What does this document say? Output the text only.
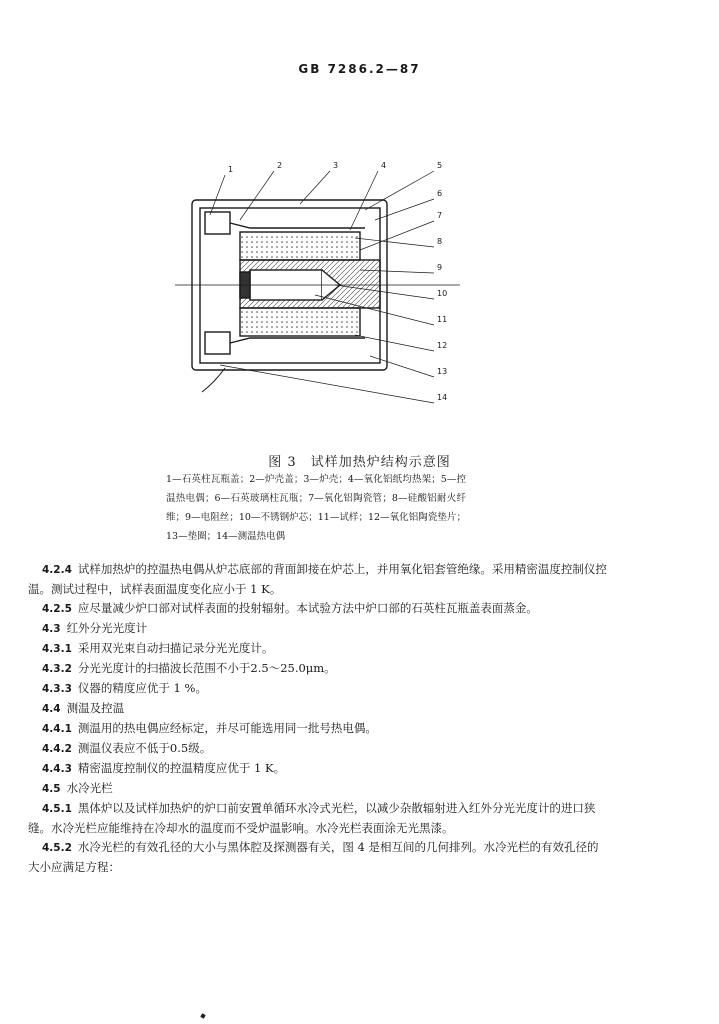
GB 7286.2—87
1	2	3	4	5
6
7
8
9
10
11
12
13
14
图 3　试样加热炉结构示意图
1—石英柱瓦瓶盖；2—炉壳盖；3—炉壳；4—氧化铝纸均热架；5—控温热电偶；6—石英玻璃柱瓦瓶；7—氧化铝陶瓷管；8—硅酸铝耐火纤维；9—电阻丝；10—不锈钢炉芯；11—试样；12—氧化铝陶瓷垫片；13—垫圈；14—测温热电偶
4.2.4 试样加热炉的控温热电偶从炉芯底部的背面卸接在炉芯上，并用氧化铝套管绝缘。采用精密温度控制仪控温。测试过程中，试样表面温度变化应小于 1 K。
4.2.5 应尽量减少炉口部对试样表面的投射辐射。本试验方法中炉口部的石英柱瓦瓶盖表面蒸金。
4.3 红外分光光度计
4.3.1 采用双光束自动扫描记录分光光度计。
4.3.2 分光光度计的扫描波长范围不小于2.5～25.0μm。
4.3.3 仪器的精度应优于 1 %。
4.4 测温及控温
4.4.1 测温用的热电偶应经标定，并尽可能选用同一批号热电偶。
4.4.2 测温仪表应不低于0.5级。
4.4.3 精密温度控制仪的控温精度应优于 1 K。
4.5 水冷光栏
4.5.1 黑体炉以及试样加热炉的炉口前安置单循环水冷式光栏，以减少杂散辐射进入红外分光光度计的进口狭缝。水冷光栏应能维持在冷却水的温度而不受炉温影响。水冷光栏表面涂无光黑漆。
4.5.2 水冷光栏的有效孔径的大小与黑体腔及探测器有关，图 4 是相互间的几何排列。水冷光栏的有效孔径的大小应满足方程：
